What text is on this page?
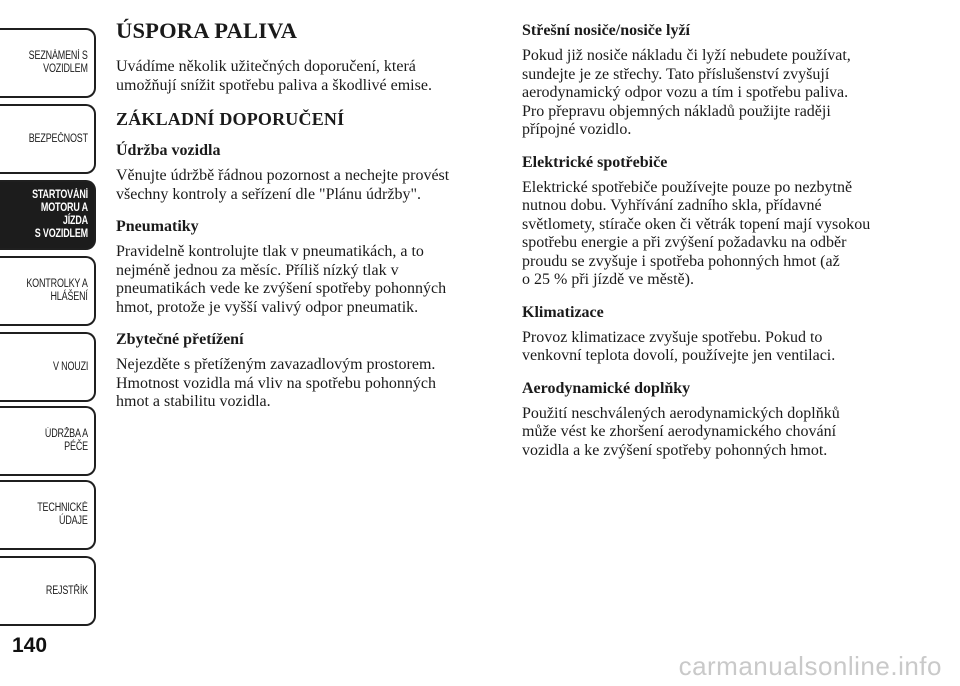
SEZNÁMENÍ S
VOZIDLEM
BEZPEČNOST
STARTOVÁNÍ
MOTORU A JÍZDA
S VOZIDLEM
KONTROLKY A
HLÁŠENÍ
V NOUZI
ÚDRŽBA A PÉČE
TECHNICKÉ
ÚDAJE
REJSTŘÍK
140
ÚSPORA PALIVA
Uvádíme několik užitečných doporučení, která
umožňují snížit spotřebu paliva a škodlivé emise.
ZÁKLADNÍ DOPORUČENÍ
Údržba vozidla
Věnujte údržbě řádnou pozornost a nechejte provést
všechny kontroly a seřízení dle "Plánu údržby".
Pneumatiky
Pravidelně kontrolujte tlak v pneumatikách, a to
nejméně jednou za měsíc. Příliš nízký tlak v
pneumatikách vede ke zvýšení spotřeby pohonných
hmot, protože je vyšší valivý odpor pneumatik.
Zbytečné přetížení
Nejezděte s přetíženým zavazadlovým prostorem.
Hmotnost vozidla má vliv na spotřebu pohonných
hmot a stabilitu vozidla.
Střešní nosiče/nosiče lyží
Pokud již nosiče nákladu či lyží nebudete používat,
sundejte je ze střechy. Tato příslušenství zvyšují
aerodynamický odpor vozu a tím i spotřebu paliva.
Pro přepravu objemných nákladů použijte raději
přípojné vozidlo.
Elektrické spotřebiče
Elektrické spotřebiče používejte pouze po nezbytně
nutnou dobu. Vyhřívání zadního skla, přídavné
světlomety, stírače oken či větrák topení mají vysokou
spotřebu energie a při zvýšení požadavku na odběr
proudu se zvyšuje i spotřeba pohonných hmot (až
o 25 % při jízdě ve městě).
Klimatizace
Provoz klimatizace zvyšuje spotřebu. Pokud to
venkovní teplota dovolí, používejte jen ventilaci.
Aerodynamické doplňky
Použití neschválených aerodynamických doplňků
může vést ke zhoršení aerodynamického chování
vozidla a ke zvýšení spotřeby pohonných hmot.
carmanualsonline.info
